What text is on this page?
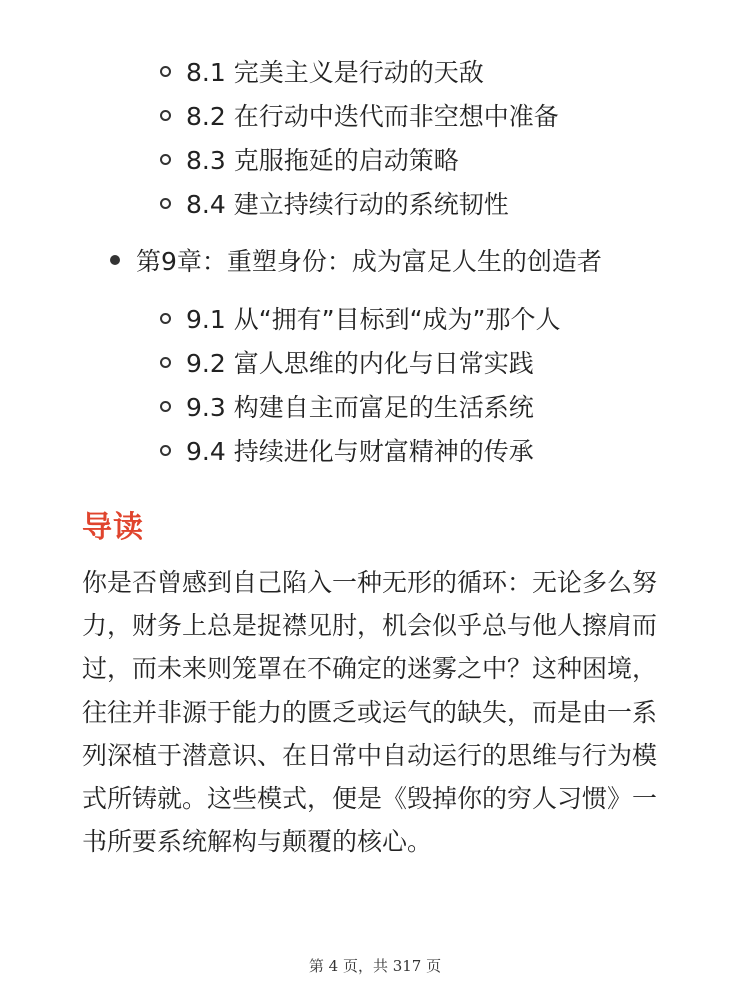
8.1 完美主义是行动的天敌
8.2 在行动中迭代而非空想中准备
8.3 克服拖延的启动策略
8.4 建立持续行动的系统韧性
第9章：重塑身份：成为富足人生的创造者
9.1 从“拥有”目标到“成为”那个人
9.2 富人思维的内化与日常实践
9.3 构建自主而富足的生活系统
9.4 持续进化与财富精神的传承
导读

你是否曾感到自己陷入一种无形的循环：无论多么努力，财务上总是捉襟见肘，机会似乎总与他人擦肩而过，而未来则笼罩在不确定的迷雾之中？这种困境，往往并非源于能力的匮乏或运气的缺失，而是由一系列深植于潜意识、在日常中自动运行的思维与行为模式所铸就。这些模式，便是《毁掉你的穷人习惯》一书所要系统解构与颠覆的核心。

第 4 页，共 317 页
